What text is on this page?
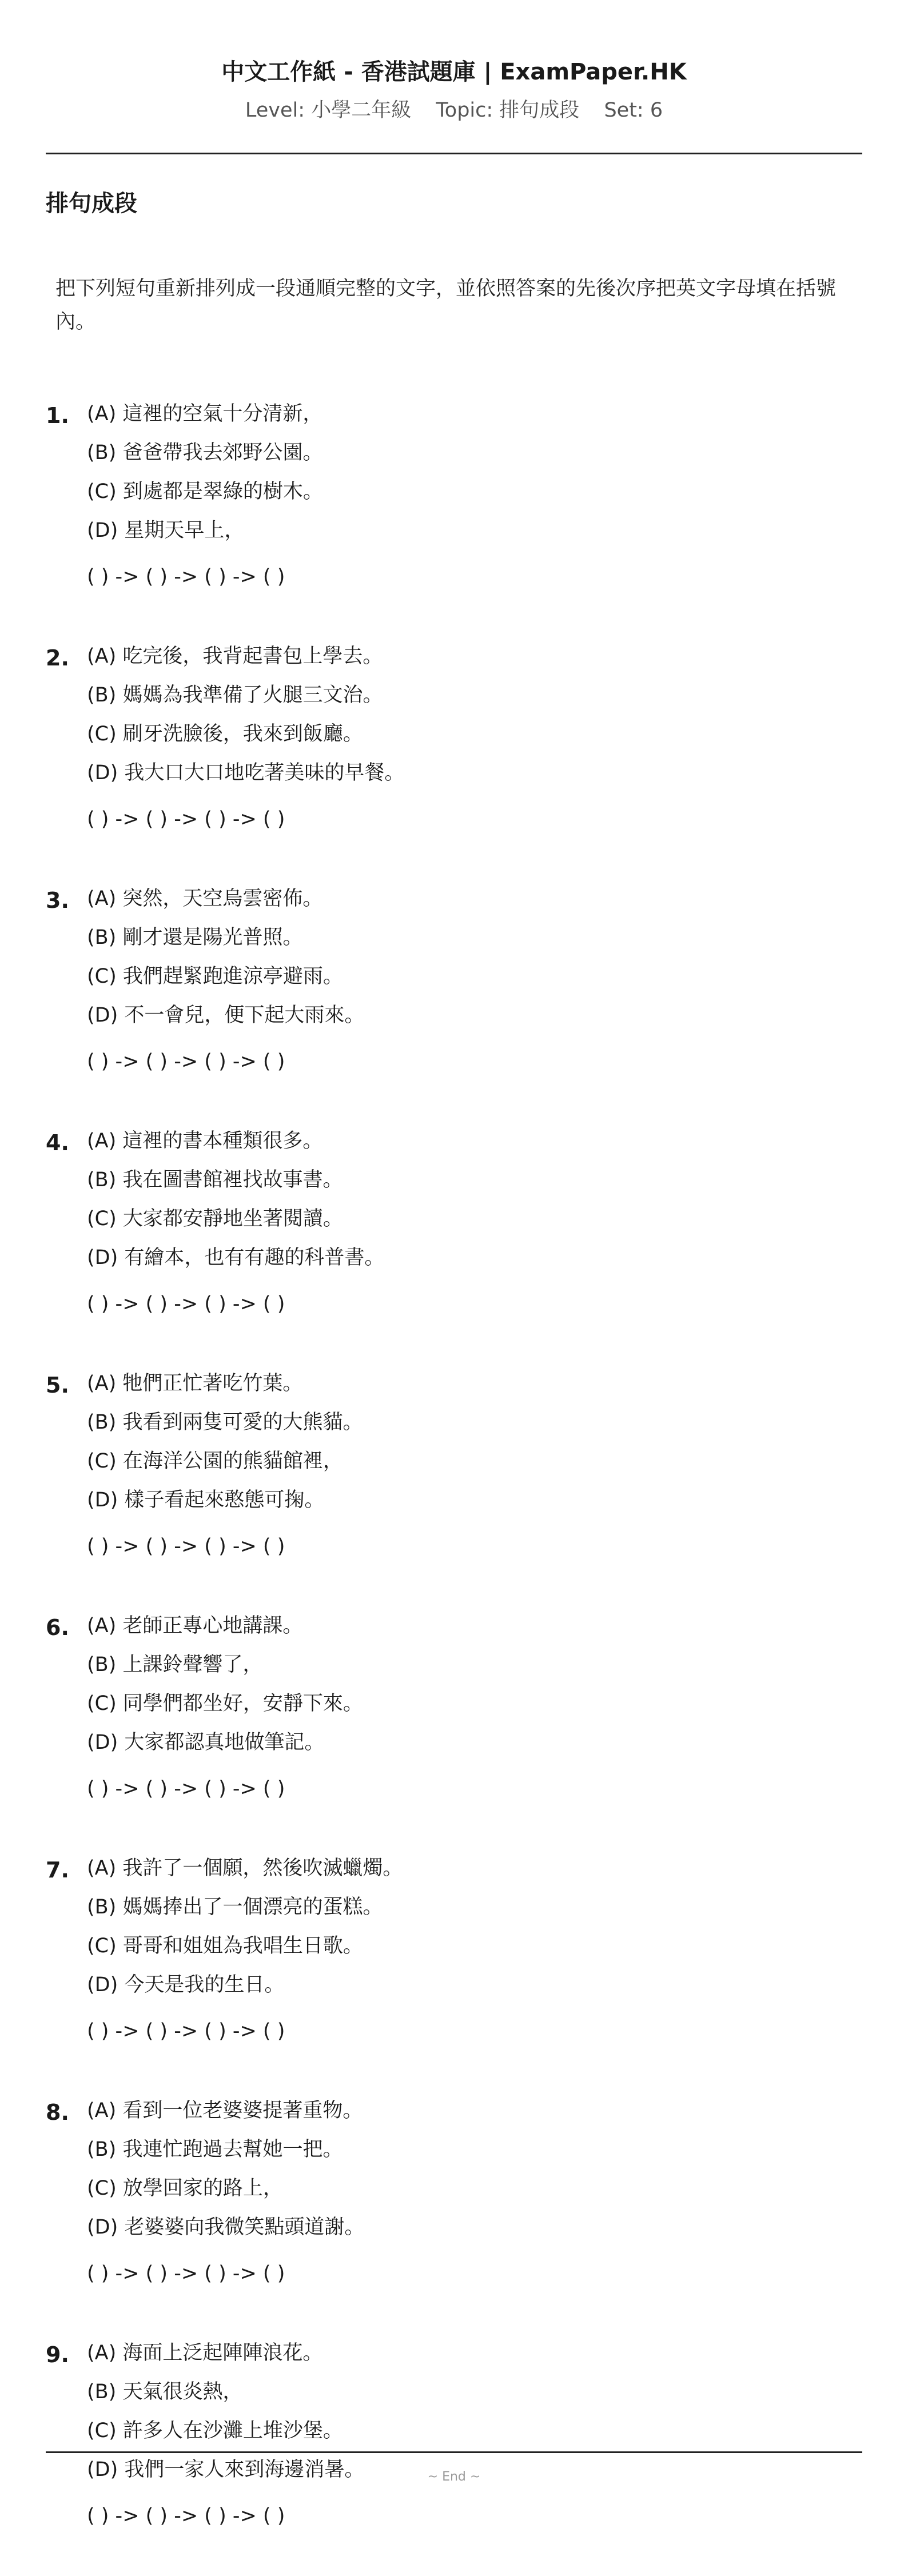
中文工作紙 - 香港試題庫 | ExamPaper.HK
Level: 小學二年級 Topic: 排句成段 Set: 6
排句成段
把下列短句重新排列成一段通順完整的文字，並依照答案的先後次序把英文字母填在括號內。
1. (A) 這裡的空氣十分清新，
(B) 爸爸帶我去郊野公園。
(C) 到處都是翠綠的樹木。
(D) 星期天早上，
( ) -> ( ) -> ( ) -> ( )
2. (A) 吃完後，我背起書包上學去。
(B) 媽媽為我準備了火腿三文治。
(C) 刷牙洗臉後，我來到飯廳。
(D) 我大口大口地吃著美味的早餐。
( ) -> ( ) -> ( ) -> ( )
3. (A) 突然，天空烏雲密佈。
(B) 剛才還是陽光普照。
(C) 我們趕緊跑進涼亭避雨。
(D) 不一會兒，便下起大雨來。
( ) -> ( ) -> ( ) -> ( )
4. (A) 這裡的書本種類很多。
(B) 我在圖書館裡找故事書。
(C) 大家都安靜地坐著閱讀。
(D) 有繪本，也有有趣的科普書。
( ) -> ( ) -> ( ) -> ( )
5. (A) 牠們正忙著吃竹葉。
(B) 我看到兩隻可愛的大熊貓。
(C) 在海洋公園的熊貓館裡，
(D) 樣子看起來憨態可掬。
( ) -> ( ) -> ( ) -> ( )
6. (A) 老師正專心地講課。
(B) 上課鈴聲響了，
(C) 同學們都坐好，安靜下來。
(D) 大家都認真地做筆記。
( ) -> ( ) -> ( ) -> ( )
7. (A) 我許了一個願，然後吹滅蠟燭。
(B) 媽媽捧出了一個漂亮的蛋糕。
(C) 哥哥和姐姐為我唱生日歌。
(D) 今天是我的生日。
( ) -> ( ) -> ( ) -> ( )
8. (A) 看到一位老婆婆提著重物。
(B) 我連忙跑過去幫她一把。
(C) 放學回家的路上，
(D) 老婆婆向我微笑點頭道謝。
( ) -> ( ) -> ( ) -> ( )
9. (A) 海面上泛起陣陣浪花。
(B) 天氣很炎熱，
(C) 許多人在沙灘上堆沙堡。
(D) 我們一家人來到海邊消暑。
( ) -> ( ) -> ( ) -> ( )
~ End ~
